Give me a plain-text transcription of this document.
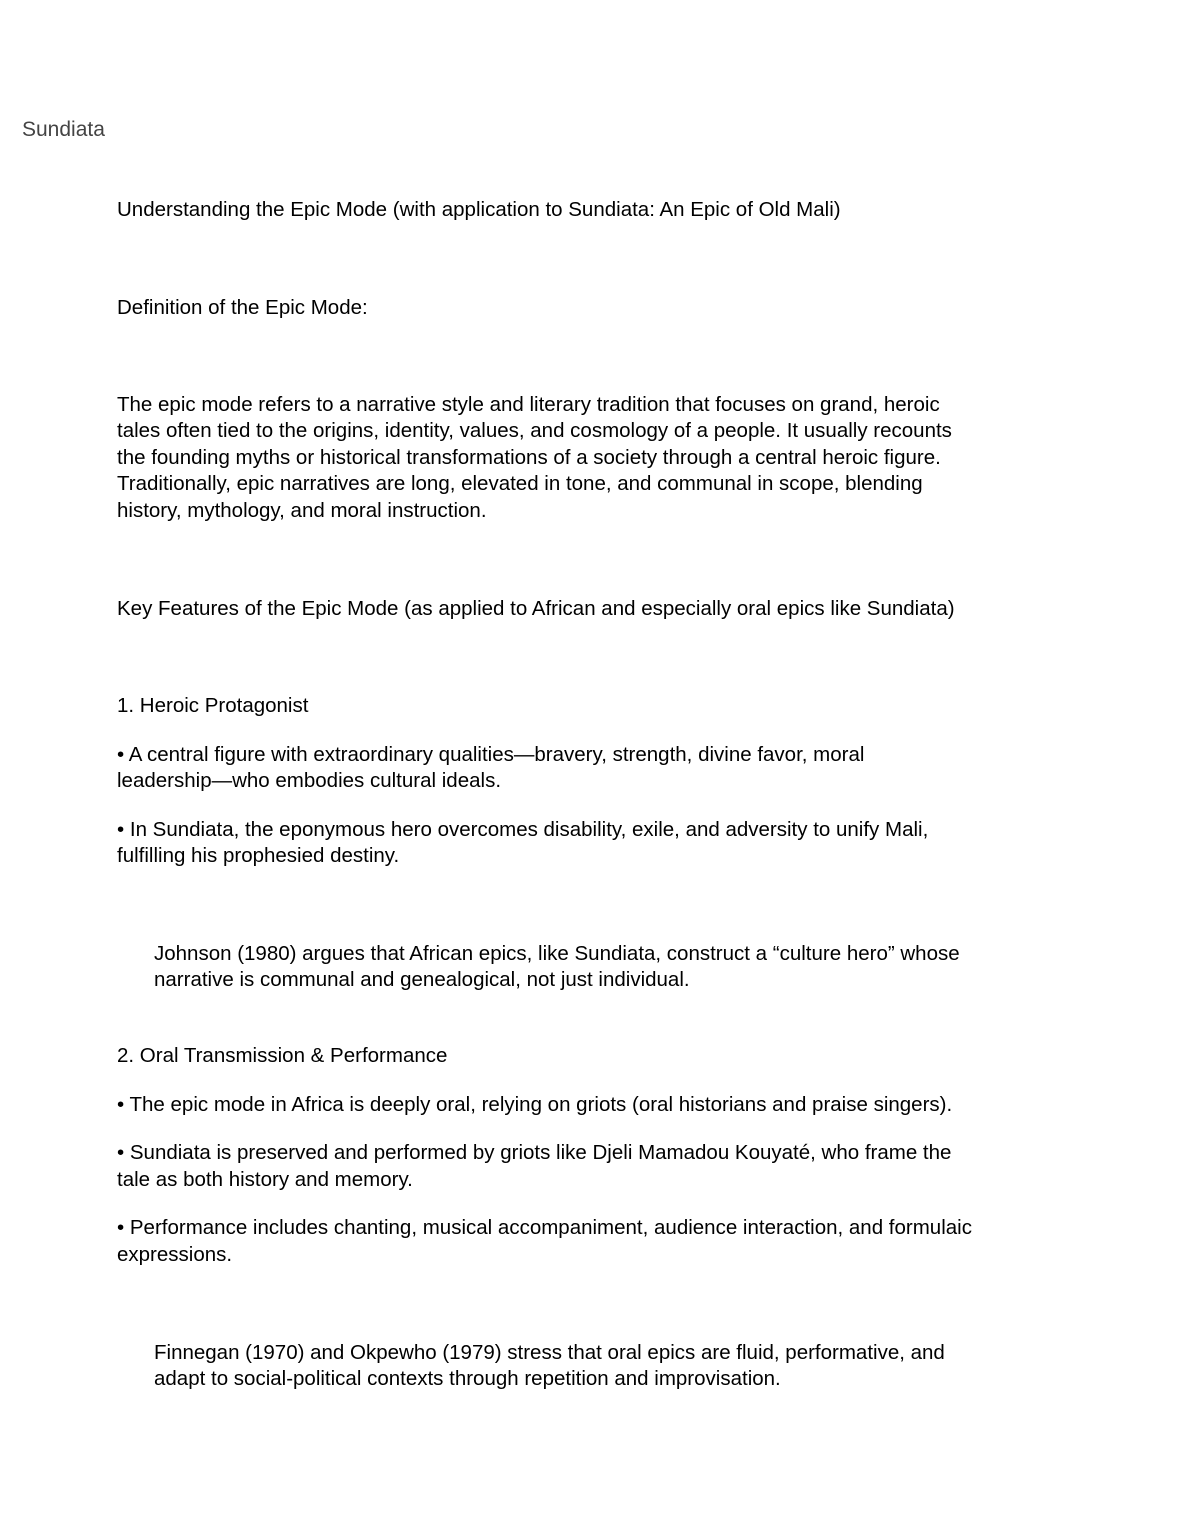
Sundiata
Understanding the Epic Mode (with application to Sundiata: An Epic of Old Mali)
Definition of the Epic Mode:
The epic mode refers to a narrative style and literary tradition that focuses on grand, heroic
tales often tied to the origins, identity, values, and cosmology of a people. It usually recounts
the founding myths or historical transformations of a society through a central heroic figure.
Traditionally, epic narratives are long, elevated in tone, and communal in scope, blending
history, mythology, and moral instruction.
Key Features of the Epic Mode (as applied to African and especially oral epics like Sundiata)
1. Heroic Protagonist
• A central figure with extraordinary qualities—bravery, strength, divine favor, moral
leadership—who embodies cultural ideals.
• In Sundiata, the eponymous hero overcomes disability, exile, and adversity to unify Mali,
fulfilling his prophesied destiny.
Johnson (1980) argues that African epics, like Sundiata, construct a “culture hero” whose
narrative is communal and genealogical, not just individual.
2. Oral Transmission & Performance
• The epic mode in Africa is deeply oral, relying on griots (oral historians and praise singers).
• Sundiata is preserved and performed by griots like Djeli Mamadou Kouyaté, who frame the
tale as both history and memory.
• Performance includes chanting, musical accompaniment, audience interaction, and formulaic
expressions.
Finnegan (1970) and Okpewho (1979) stress that oral epics are fluid, performative, and
adapt to social-political contexts through repetition and improvisation.
